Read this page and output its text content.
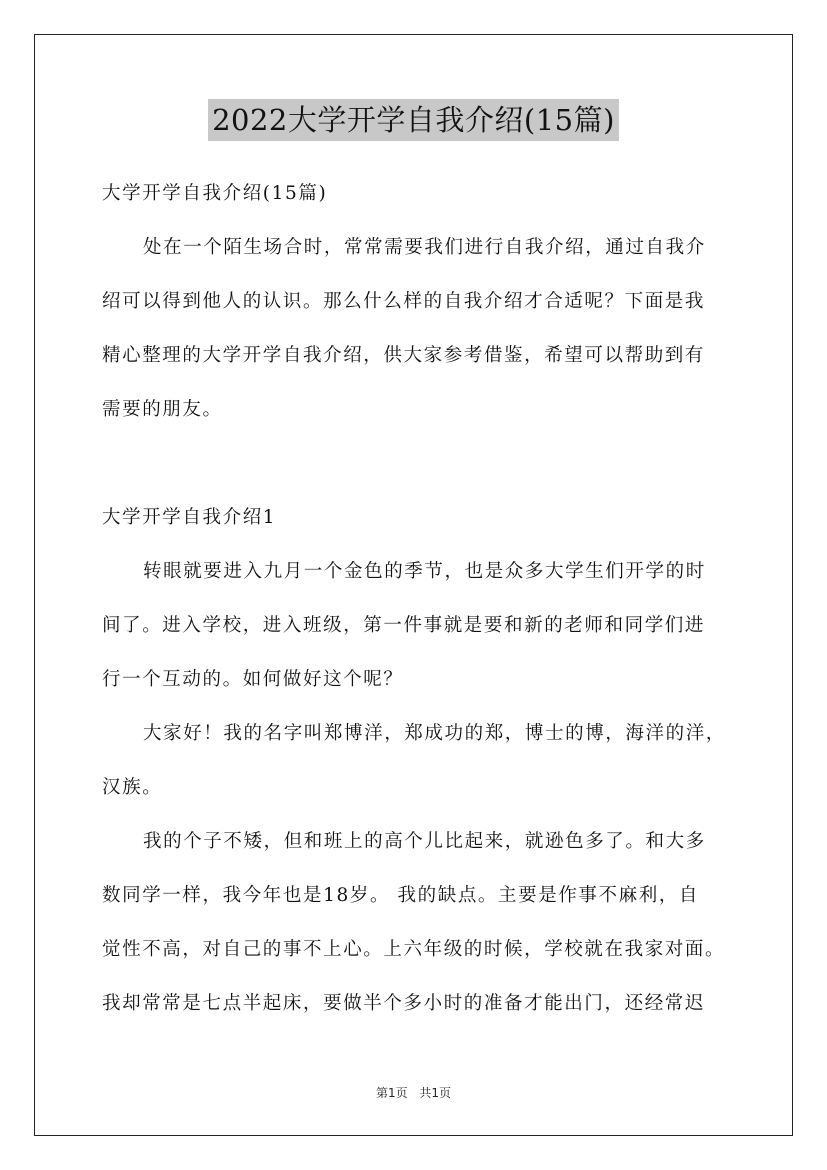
2022大学开学自我介绍(15篇)
大学开学自我介绍(15篇)
处在一个陌生场合时，常常需要我们进行自我介绍，通过自我介
绍可以得到他人的认识。那么什么样的自我介绍才合适呢？下面是我
精心整理的大学开学自我介绍，供大家参考借鉴，希望可以帮助到有
需要的朋友。
大学开学自我介绍1
转眼就要进入九月一个金色的季节，也是众多大学生们开学的时
间了。进入学校，进入班级，第一件事就是要和新的老师和同学们进
行一个互动的。如何做好这个呢？
大家好！我的名字叫郑博洋，郑成功的郑，博士的博，海洋的洋，
汉族。
我的个子不矮，但和班上的高个儿比起来，就逊色多了。和大多
数同学一样，我今年也是18岁。 我的缺点。主要是作事不麻利，自
觉性不高，对自己的事不上心。上六年级的时候，学校就在我家对面。
我却常常是七点半起床，要做半个多小时的准备才能出门，还经常迟
第1页 共1页
